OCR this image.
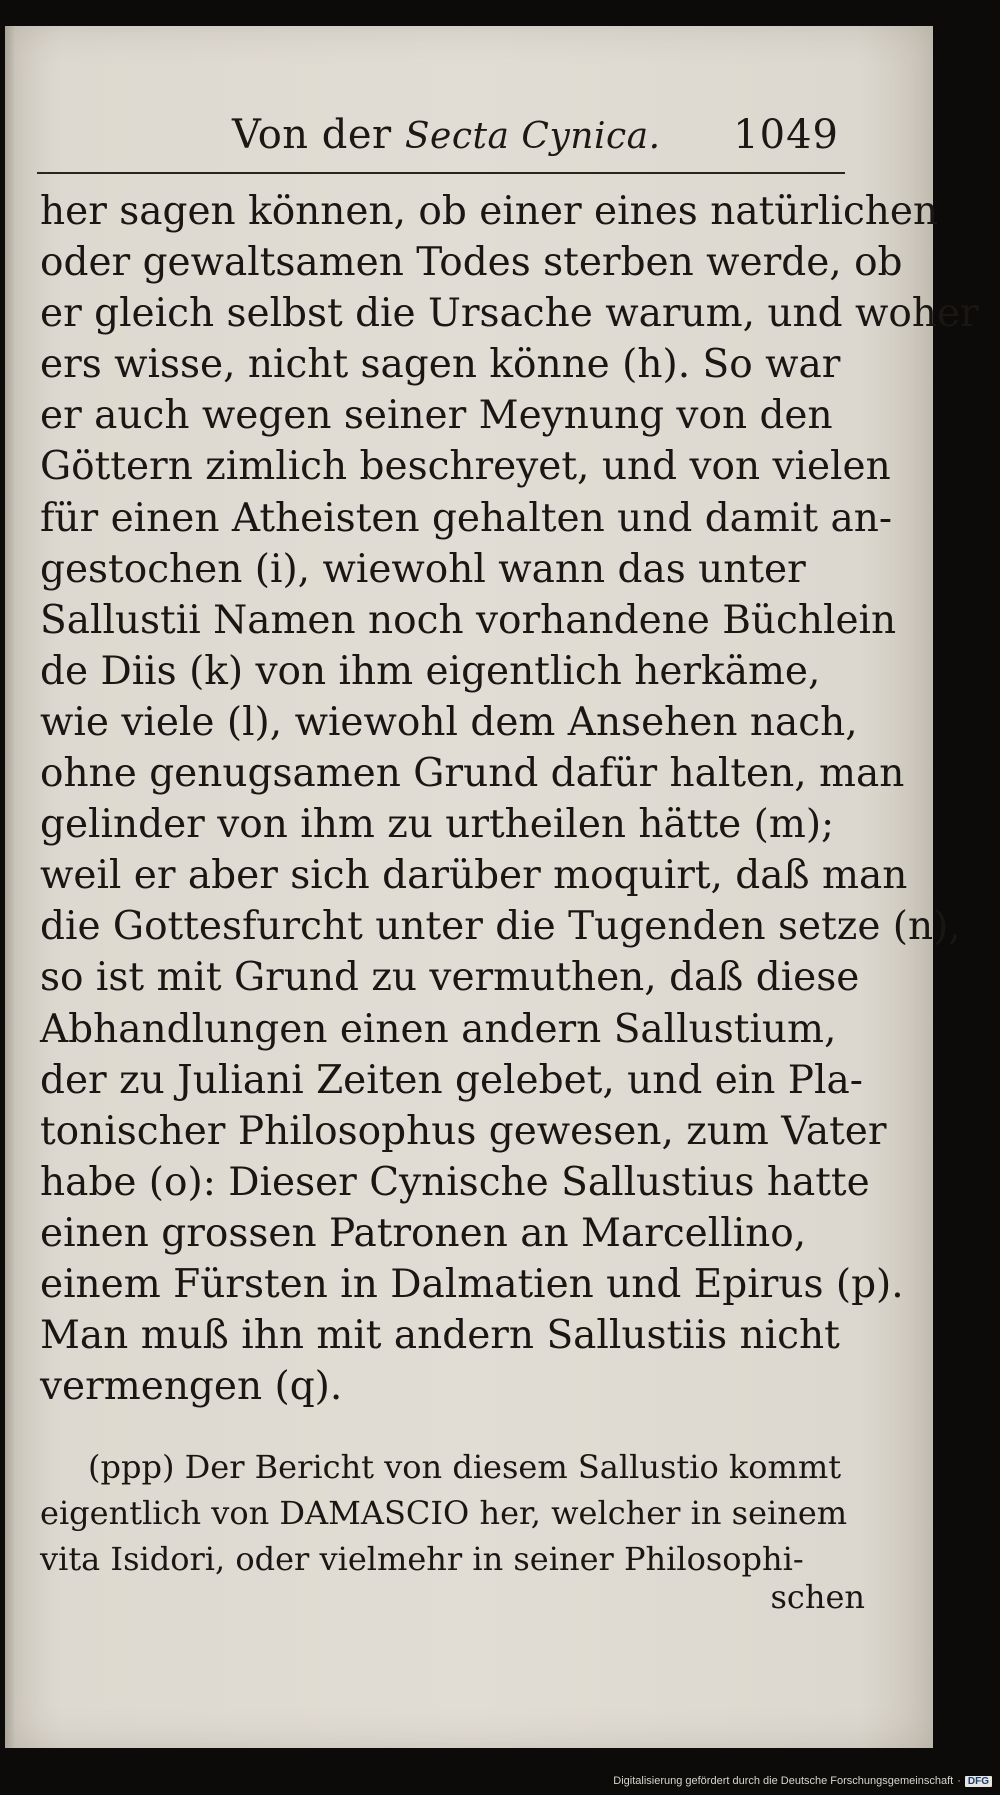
Von der Secta Cynica. 1049
her sagen können, ob einer eines natürlichen
oder gewaltsamen Todes sterben werde, ob
er gleich selbst die Ursache warum, und woher
ers wisse, nicht sagen könne (h). So war
er auch wegen seiner Meynung von den
Göttern zimlich beschreyet, und von vielen
für einen Atheisten gehalten und damit an-
gestochen (i), wiewohl wann das unter
Sallustii Namen noch vorhandene Büchlein
de Diis (k) von ihm eigentlich herkäme,
wie viele (l), wiewohl dem Ansehen nach,
ohne genugsamen Grund dafür halten, man
gelinder von ihm zu urtheilen hätte (m);
weil er aber sich darüber moquirt, daß man
die Gottesfurcht unter die Tugenden setze (n),
so ist mit Grund zu vermuthen, daß diese
Abhandlungen einen andern Sallustium,
der zu Juliani Zeiten gelebet, und ein Pla-
tonischer Philosophus gewesen, zum Vater
habe (o): Dieser Cynische Sallustius hatte
einen grossen Patronen an Marcellino,
einem Fürsten in Dalmatien und Epirus (p).
Man muß ihn mit andern Sallustiis nicht
vermengen (q).
(ppp) Der Bericht von diesem Sallustio kommt
eigentlich von DAMASCIO her, welcher in seinem
vita Isidori, oder vielmehr in seiner Philosophi-
schen
Digitalisierung gefördert durch die Deutsche Forschungsgemeinschaft · DFG
